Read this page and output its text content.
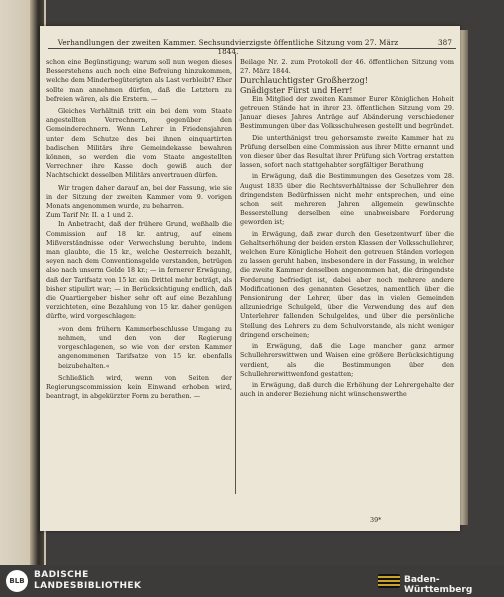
Verhandlungen der zweiten Kammer. Sechsundvierzigste öffentliche Sitzung vom 27. März 1844.
387

schon eine Begünstigung; warum soll nun wegen dieses Besserstehens auch noch eine Befreiung hinzukommen, welche dem Minderbegüterigten als Last verbleibt? Eher sollte man annehmen dürfen, daß die Letztern zu befreien wären, als die Erstern. —

Gleiches Verhältniß tritt ein bei dem vom Staate angestellten Verrechnern, gegenüber den Gemeinderechnern. Wenn Lehrer in Friedensjahren unter dem Schutze des bei ihnen einquartirten badischen Militärs ihre Gemeindekasse bewahren können, so werden die vom Staate angestellten Verrechner ihre Kasse doch gewiß auch der Nachtschickt desselben Militärs anvertrauen dürfen.

Wir tragen daher darauf an, bei der Fassung, wie sie in der Sitzung der zweiten Kammer vom 9. vorigen Monats angenommen wurde, zu beharren.

Zum Tarif Nr. II. a 1 und 2.

In Anbetracht, daß der frühere Grund, weßhalb die Commission auf 18 kr. antrug, auf einem Mißverständnisse oder Verwechslung beruhte, indem man glaubte, die 15 kr., welche Oesterreich bezahlt, seyen nach dem Conventionsgelde verstanden, betrügen also nach unserm Gelde 18 kr.; — in fernerer Erwägung, daß der Tarifsatz von 15 kr. ein Drittel mehr beträgt, als bisher stipulirt war; — in Berücksichtigung endlich, daß die Quartiergeber bisher sehr oft auf eine Bezahlung verzichteten, eine Bezahlung von 15 kr. daher genügen dürfte, wird vorgeschlagen:

»von dem frühern Kammerbeschlusse Umgang zu nehmen, und den von der Regierung vorgeschlagenen, so wie von der ersten Kammer angenommenen Tarifsatze von 15 kr. ebenfalls beizubehalten.«

Schließlich wird, wenn von Seiten der Regierungscommission kein Einwand erhoben wird, beantragt, in abgekürzter Form zu berathen. —

Beilage Nr. 2. zum Protokoll der 46. öffentlichen Sitzung vom 27. März 1844.

Durchlauchtigster Großherzog!

Gnädigster Fürst und Herr!

Ein Mitglied der zweiten Kammer Eurer Königlichen Hoheit getreuen Stände hat in ihrer 23. öffentlichen Sitzung vom 29. Januar dieses Jahres Anträge auf Abänderung verschiedener Bestimmungen über das Volksschulwesen gestellt und begründet.

Die unterthänigst treu gehorsamste zweite Kammer hat zu Prüfung derselben eine Commission aus ihrer Mitte ernannt und von dieser über das Resultat ihrer Prüfung sich Vortrag erstatten lassen, sofort nach stattgehabter sorgfältiger Berathung

in Erwägung, daß die Bestimmungen des Gesetzes vom 28. August 1835 über die Rechtsverhältnisse der Schullehrer den dringendsten Bedürfnissen nicht mehr entsprechen, und eine schon seit mehreren Jahren allgemein gewünschte Besserstellung derselben eine unabweisbare Forderung geworden ist;

in Erwägung, daß zwar durch den Gesetzentwurf über die Gehaltserhöhung der beiden ersten Klassen der Volksschullehrer, welchen Eure Königliche Hoheit den getreuen Ständen vorlegen zu lassen geruht haben, insbesondere in der Fassung, in welcher die zweite Kammer denselben angenommen hat, die dringendste Forderung befriedigt ist, dabei aber noch mehrere andere Modificationen des genannten Gesetzes, namentlich über die Pensionirung der Lehrer, über das in vielen Gemeinden allzuniedrige Schulgeld, über die Verwendung des auf den Unterlehrer fallenden Schulgeldes, und über die persönliche Stellung des Lehrers zu dem Schulvorstande, als nicht weniger dringend erscheinen;

in Erwägung, daß die Lage mancher ganz armer Schullehrerswittwen und Waisen eine größere Berücksichtigung verdient, als die Bestimmungen über den Schullehrerwittwenfond gestatten;

in Erwägung, daß durch die Erhöhung der Lehrergehalte der auch in anderer Beziehung nicht wünschenswerthe

39*
BLB
BADISCHE
LANDESBIBLIOTHEK
Baden-Württemberg
